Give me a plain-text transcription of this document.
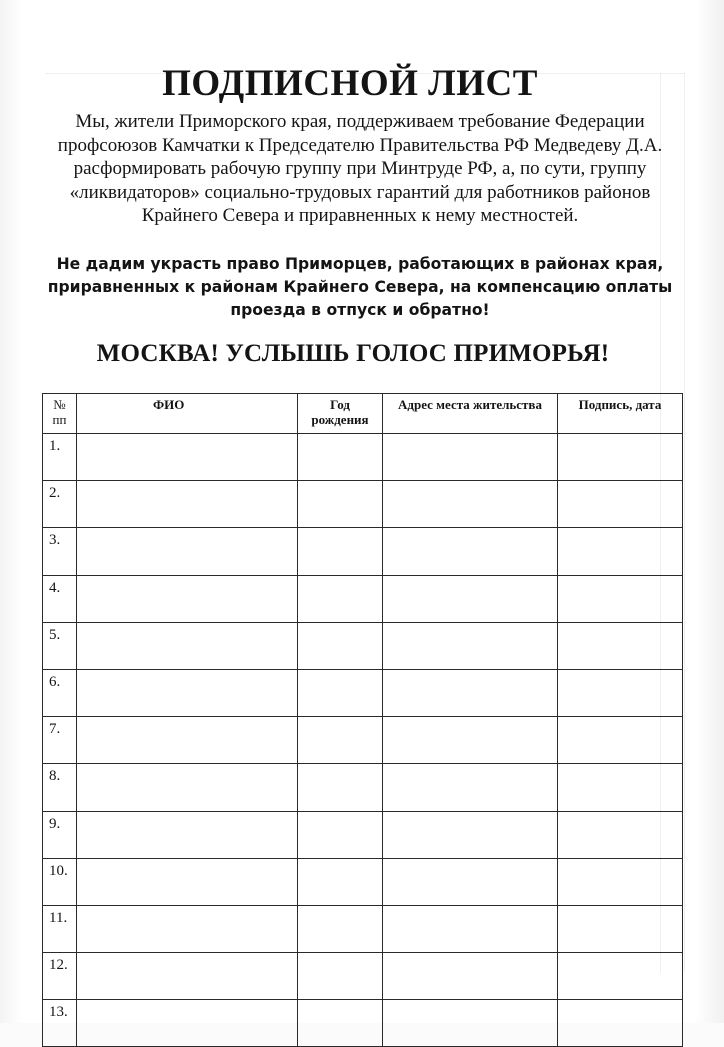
ПОДПИСНОЙ ЛИСТ

Мы, жители Приморского края, поддерживаем требование Федерации профсоюзов Камчатки к Председателю Правительства РФ Медведеву Д.А. расформировать рабочую группу при Минтруде РФ, а, по сути, группу «ликвидаторов» социально-трудовых гарантий для работников районов Крайнего Севера и приравненных к нему местностей.

Не дадим украсть право Приморцев, работающих в районах края, приравненных к районам Крайнего Севера, на компенсацию оплаты проезда в отпуск и обратно!

МОСКВА! УСЛЫШЬ ГОЛОС ПРИМОРЬЯ!
№ пп	ФИО	Год рождения	Адрес места жительства	Подпись, дата
1.				
2.				
3.				
4.				
5.				
6.				
7.				
8.				
9.				
10.				
11.				
12.				
13.				
